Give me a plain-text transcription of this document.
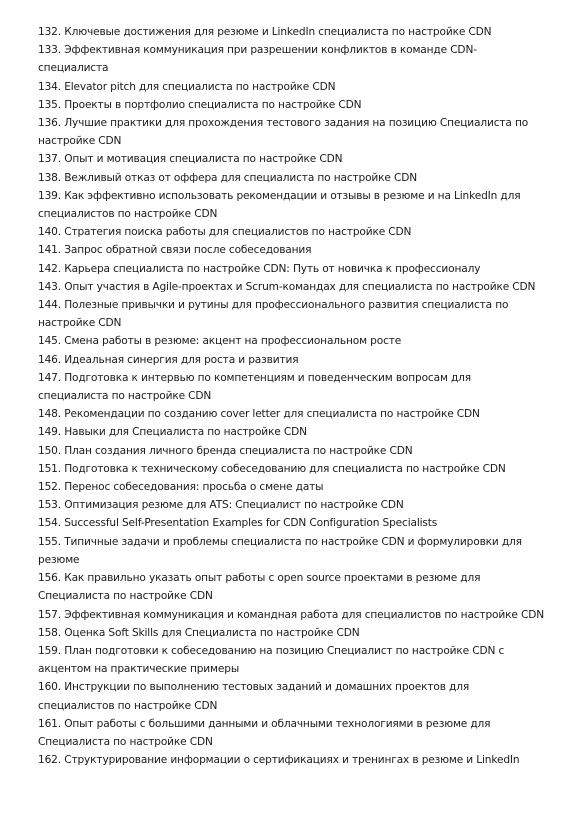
132. Ключевые достижения для резюме и LinkedIn специалиста по настройке CDN
133. Эффективная коммуникация при разрешении конфликтов в команде CDN-специалиста
134. Elevator pitch для специалиста по настройке CDN
135. Проекты в портфолио специалиста по настройке CDN
136. Лучшие практики для прохождения тестового задания на позицию Специалиста по настройке CDN
137. Опыт и мотивация специалиста по настройке CDN
138. Вежливый отказ от оффера для специалиста по настройке CDN
139. Как эффективно использовать рекомендации и отзывы в резюме и на LinkedIn для специалистов по настройке CDN
140. Стратегия поиска работы для специалистов по настройке CDN
141. Запрос обратной связи после собеседования
142. Карьера специалиста по настройке CDN: Путь от новичка к профессионалу
143. Опыт участия в Agile-проектах и Scrum-командах для специалиста по настройке CDN
144. Полезные привычки и рутины для профессионального развития специалиста по настройке CDN
145. Смена работы в резюме: акцент на профессиональном росте
146. Идеальная синергия для роста и развития
147. Подготовка к интервью по компетенциям и поведенческим вопросам для специалиста по настройке CDN
148. Рекомендации по созданию cover letter для специалиста по настройке CDN
149. Навыки для Специалиста по настройке CDN
150. План создания личного бренда специалиста по настройке CDN
151. Подготовка к техническому собеседованию для специалиста по настройке CDN
152. Перенос собеседования: просьба о смене даты
153. Оптимизация резюме для ATS: Специалист по настройке CDN
154. Successful Self-Presentation Examples for CDN Configuration Specialists
155. Типичные задачи и проблемы специалиста по настройке CDN и формулировки для резюме
156. Как правильно указать опыт работы с open source проектами в резюме для Специалиста по настройке CDN
157. Эффективная коммуникация и командная работа для специалистов по настройке CDN
158. Оценка Soft Skills для Специалиста по настройке CDN
159. План подготовки к собеседованию на позицию Специалист по настройке CDN с акцентом на практические примеры
160. Инструкции по выполнению тестовых заданий и домашних проектов для специалистов по настройке CDN
161. Опыт работы с большими данными и облачными технологиями в резюме для Специалиста по настройке CDN
162. Структурирование информации о сертификациях и тренингах в резюме и LinkedIn
